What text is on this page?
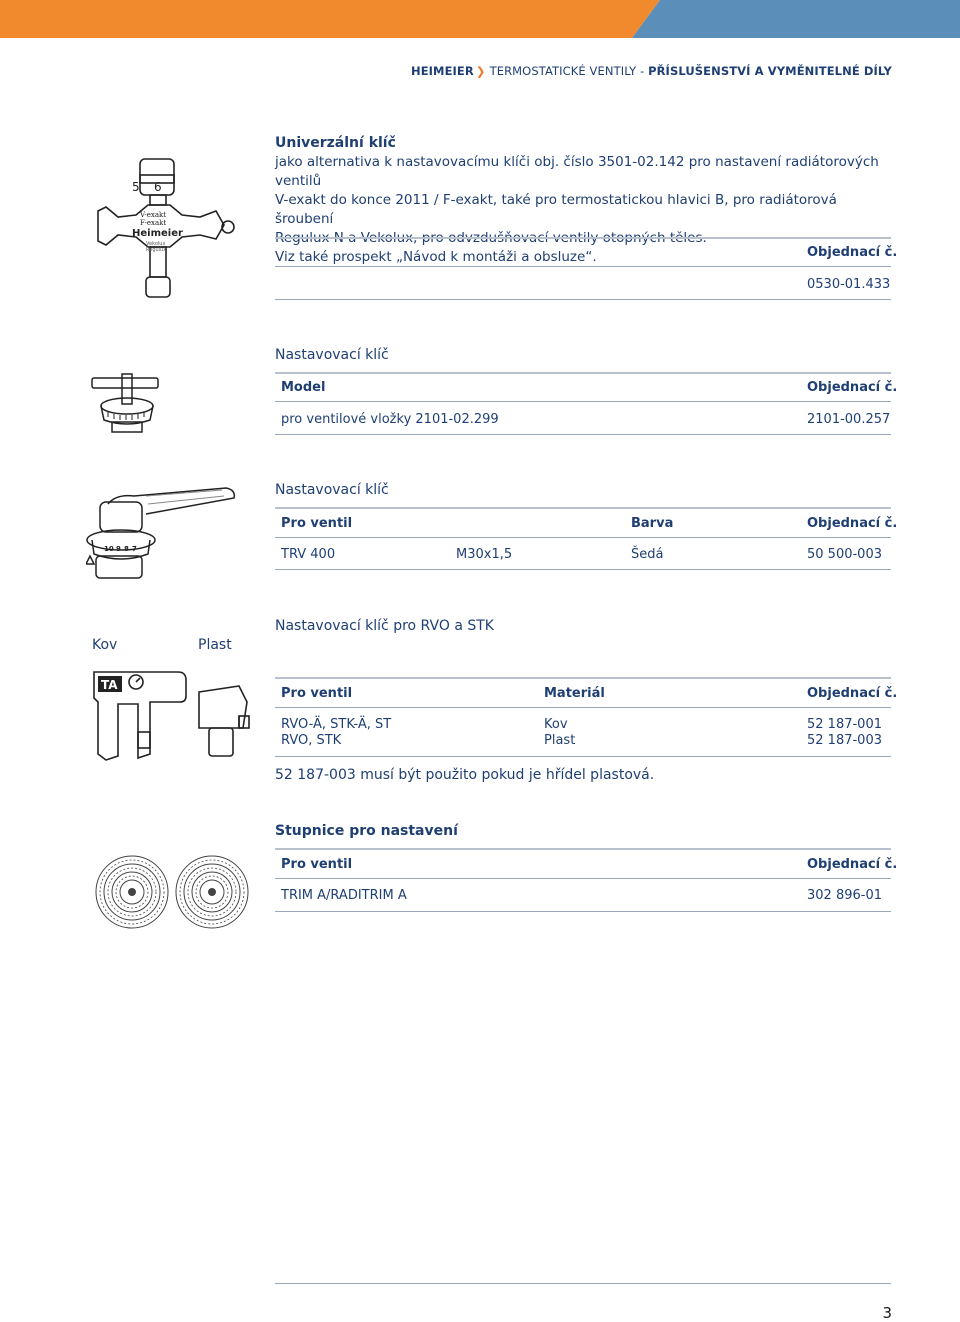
HEIMEIER ❯ TERMOSTATICKÉ VENTILY - PŘÍSLUŠENSTVÍ A VYMĚNITELNÉ DÍLY
5 6
V-exakt
F-exakt
Heimeier
Vekolux
Regulux
Univerzální klíč
jako alternativa k nastavovacímu klíči obj. číslo 3501-02.142 pro nastavení radiátorových ventilů
V-exakt do konce 2011 / F-exakt, také pro termostatickou hlavici B, pro radiátorová šroubení
Regulux N a Vekolux, pro odvzdušňovací ventily otopných těles.
Viz také prospekt „Návod k montáži a obsluze“.	Objednací č.
0530-01.433
Nastavovací klíč
Model	Objednací č.
pro ventilové vložky 2101-02.299	2101-00.257
10 9 8 7
Nastavovací klíč
Pro ventil	Barva	Objednací č.
TRV 400	M30x1,5	Šedá	50 500-003
Kov	Plast
TA
Nastavovací klíč pro RVO a STK
Pro ventil	Materiál	Objednací č.
RVO-Ä, STK-Ä, ST	Kov	52 187-001
RVO, STK	Plast	52 187-003
52 187-003 musí být použito pokud je hřídel plastová.
Stupnice pro nastavení
Pro ventil	Objednací č.
TRIM A/RADITRIM A	302 896-01
3
